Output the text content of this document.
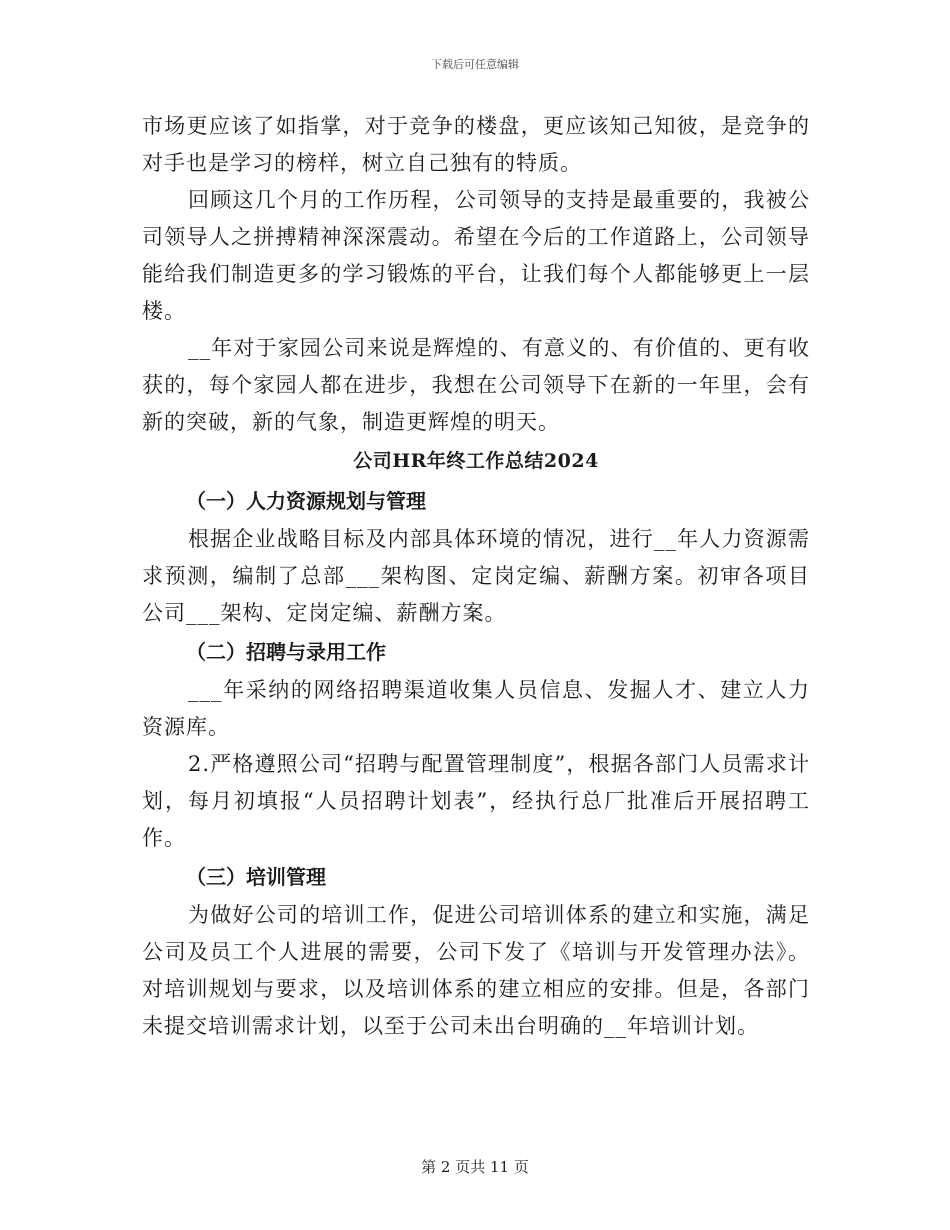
下载后可任意编辑

市场更应该了如指掌，对于竞争的楼盘，更应该知己知彼，是竞争的对手也是学习的榜样，树立自己独有的特质。

回顾这几个月的工作历程，公司领导的支持是最重要的，我被公司领导人之拼搏精神深深震动。希望在今后的工作道路上，公司领导能给我们制造更多的学习锻炼的平台，让我们每个人都能够更上一层楼。

__年对于家园公司来说是辉煌的、有意义的、有价值的、更有收获的，每个家园人都在进步，我想在公司领导下在新的一年里，会有新的突破，新的气象，制造更辉煌的明天。

公司HR年终工作总结2024

（一）人力资源规划与管理

根据企业战略目标及内部具体环境的情况，进行__年人力资源需求预测，编制了总部___架构图、定岗定编、薪酬方案。初审各项目公司___架构、定岗定编、薪酬方案。

（二）招聘与录用工作

___年采纳的网络招聘渠道收集人员信息、发掘人才、建立人力资源库。

2.严格遵照公司“招聘与配置管理制度”，根据各部门人员需求计划，每月初填报“人员招聘计划表”，经执行总厂批准后开展招聘工作。

（三）培训管理

为做好公司的培训工作，促进公司培训体系的建立和实施，满足公司及员工个人进展的需要，公司下发了《培训与开发管理办法》。对培训规划与要求，以及培训体系的建立相应的安排。但是，各部门未提交培训需求计划，以至于公司未出台明确的__年培训计划。

第 2 页共 11 页
